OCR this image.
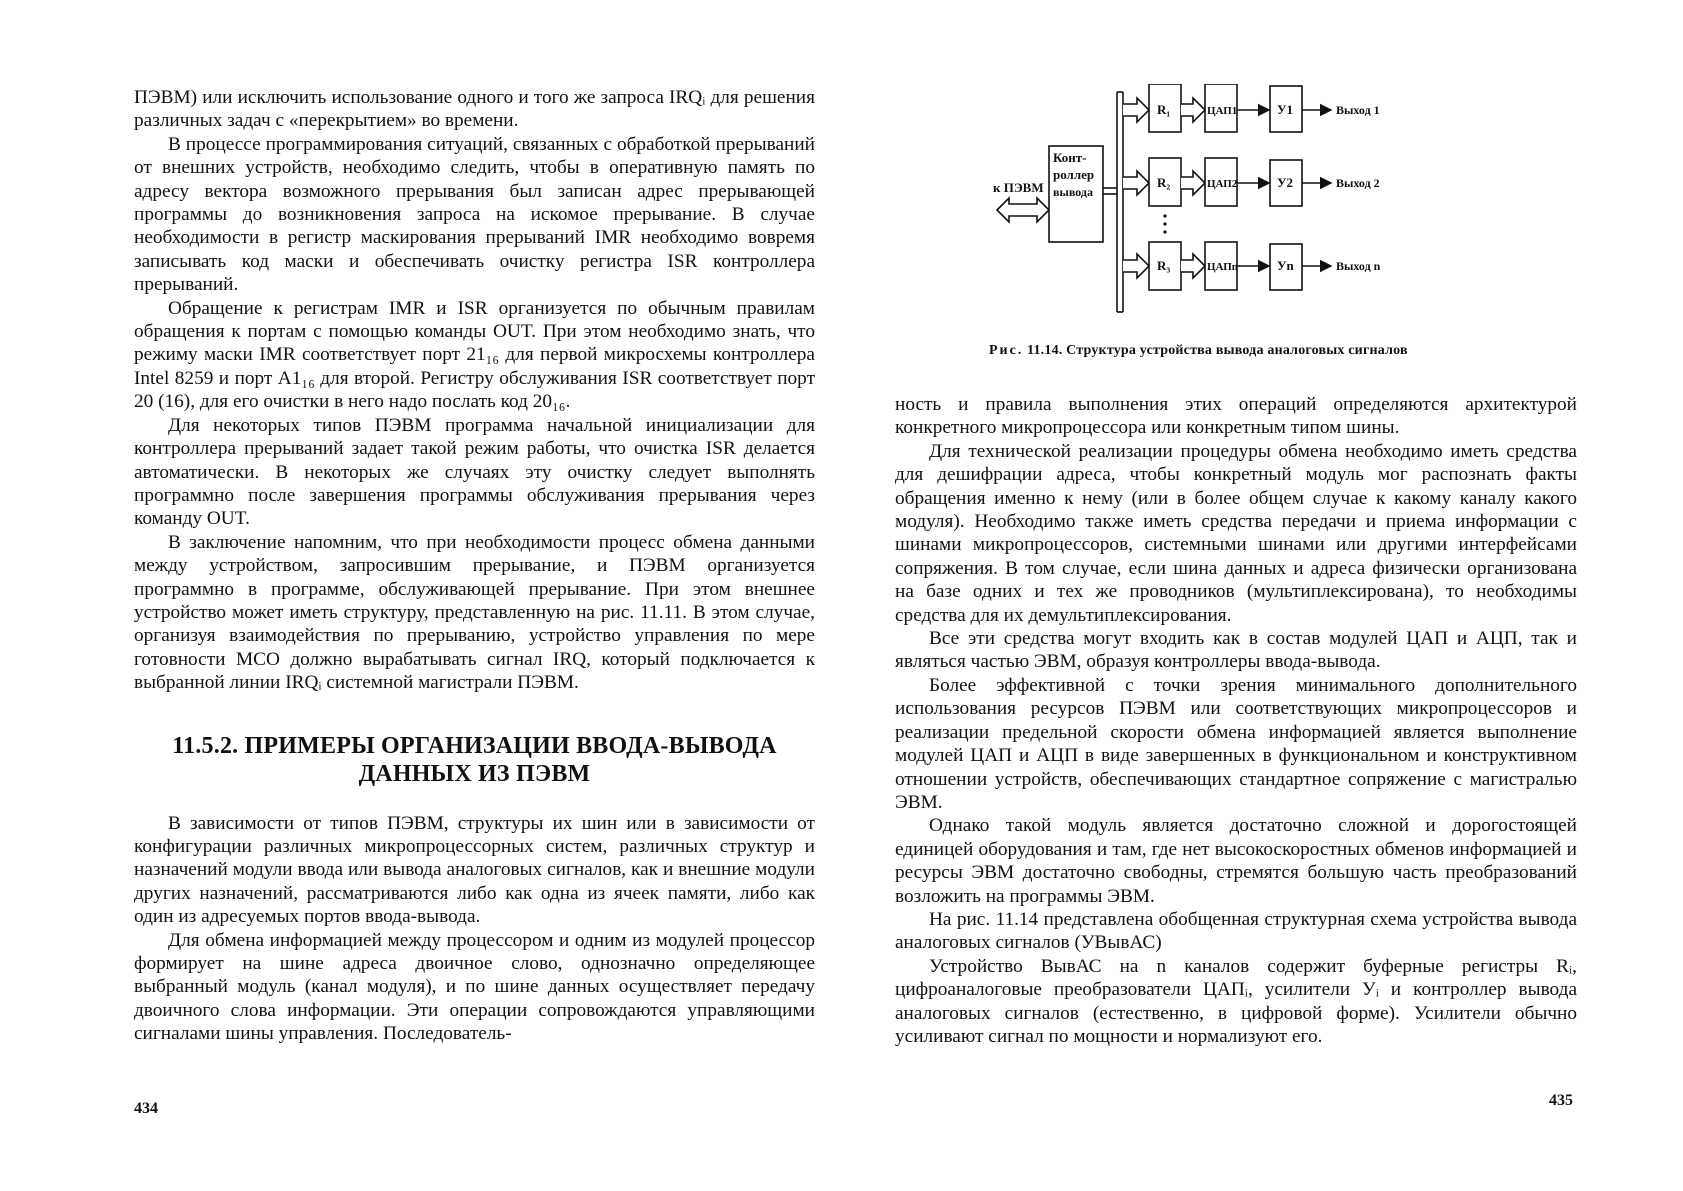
ПЭВМ) или исключить использование одного и того же запроса IRQᵢ для решения различных задач с «перекрытием» во времени.

В процессе программирования ситуаций, связанных с обработкой прерываний от внешних устройств, необходимо следить, чтобы в оперативную память по адресу вектора возможного прерывания был записан адрес прерывающей программы до возникновения запроса на искомое прерывание. В случае необходимости в регистр маскирования прерываний IMR необходимо вовремя записывать код маски и обеспечивать очистку регистра ISR контроллера прерываний.

Обращение к регистрам IMR и ISR организуется по обычным правилам обращения к портам с помощью команды OUT. При этом необходимо знать, что режиму маски IMR соответствует порт 21₁₆ для первой микросхемы контроллера Intel 8259 и порт А1₁₆ для второй. Регистру обслуживания ISR соответствует порт 20 (16), для его очистки в него надо послать код 20₁₆.

Для некоторых типов ПЭВМ программа начальной инициализации для контроллера прерываний задает такой режим работы, что очистка ISR делается автоматически. В некоторых же случаях эту очистку следует выполнять программно после завершения программы обслуживания прерывания через команду OUT.

В заключение напомним, что при необходимости процесс обмена данными между устройством, запросившим прерывание, и ПЭВМ организуется программно в программе, обслуживающей прерывание. При этом внешнее устройство может иметь структуру, представленную на рис. 11.11. В этом случае, организуя взаимодействия по прерыванию, устройство управления по мере готовности МСО должно вырабатывать сигнал IRQ, который подключается к выбранной линии IRQᵢ системной магистрали ПЭВМ.

11.5.2. ПРИМЕРЫ ОРГАНИЗАЦИИ ВВОДА-ВЫВОДА
ДАННЫХ ИЗ ПЭВМ

В зависимости от типов ПЭВМ, структуры их шин или в зависимости от конфигурации различных микропроцессорных систем, различных структур и назначений модули ввода или вывода аналоговых сигналов, как и внешние модули других назначений, рассматриваются либо как одна из ячеек памяти, либо как один из адресуемых портов ввода-вывода.

Для обмена информацией между процессором и одним из модулей процессор формирует на шине адреса двоичное слово, однозначно определяющее выбранный модуль (канал модуля), и по шине данных осуществляет передачу двоичного слова информации. Эти операции сопровождаются управляющими сигналами шины управления. Последователь-

434
к ПЭВМ
Конт-
роллер
вывода
R₁
R₂
R₃
ЦАП1
ЦАП2
ЦАПn
У1
У2
Уn
Выход 1
Выход 2
Выход n
Рис. 11.14. Структура устройства вывода аналоговых сигналов

ность и правила выполнения этих операций определяются архитектурой конкретного микропроцессора или конкретным типом шины.

Для технической реализации процедуры обмена необходимо иметь средства для дешифрации адреса, чтобы конкретный модуль мог распознать факты обращения именно к нему (или в более общем случае к какому каналу какого модуля). Необходимо также иметь средства передачи и приема информации с шинами микропроцессоров, системными шинами или другими интерфейсами сопряжения. В том случае, если шина данных и адреса физически организована на базе одних и тех же проводников (мультиплексирована), то необходимы средства для их демультиплексирования.

Все эти средства могут входить как в состав модулей ЦАП и АЦП, так и являться частью ЭВМ, образуя контроллеры ввода-вывода.

Более эффективной с точки зрения минимального дополнительного использования ресурсов ПЭВМ или соответствующих микропроцессоров и реализации предельной скорости обмена информацией является выполнение модулей ЦАП и АЦП в виде завершенных в функциональном и конструктивном отношении устройств, обеспечивающих стандартное сопряжение с магистралью ЭВМ.

Однако такой модуль является достаточно сложной и дорогостоящей единицей оборудования и там, где нет высокоскоростных обменов информацией и ресурсы ЭВМ достаточно свободны, стремятся большую часть преобразований возложить на программы ЭВМ.

На рис. 11.14 представлена обобщенная структурная схема устройства вывода аналоговых сигналов (УВывАС)

Устройство ВывАС на n каналов содержит буферные регистры Rᵢ, цифроаналоговые преобразователи ЦАПᵢ, усилители Уᵢ и контроллер вывода аналоговых сигналов (естественно, в цифровой форме). Усилители обычно усиливают сигнал по мощности и нормализуют его.

435
